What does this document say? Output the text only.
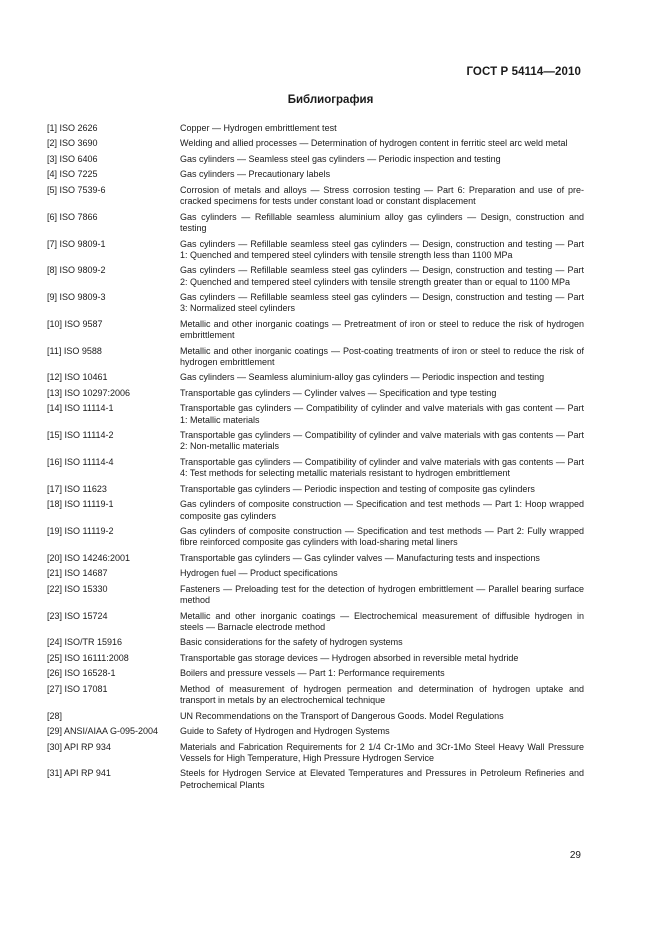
ГОСТ Р 54114—2010
Библиография
[1] ISO 2626	Copper — Hydrogen embrittlement test
[2] ISO 3690	Welding and allied processes — Determination of hydrogen content in ferritic steel arc weld metal
[3] ISO 6406	Gas cylinders — Seamless steel gas cylinders — Periodic inspection and testing
[4] ISO 7225	Gas cylinders — Precautionary labels
[5] ISO 7539-6	Corrosion of metals and alloys — Stress corrosion testing — Part 6: Preparation and use of pre-cracked specimens for tests under constant load or constant displacement
[6] ISO 7866	Gas cylinders — Refillable seamless aluminium alloy gas cylinders — Design, construction and testing
[7] ISO 9809-1	Gas cylinders — Refillable seamless steel gas cylinders — Design, construction and testing — Part 1: Quenched and tempered steel cylinders with tensile strength less than 1100 MPa
[8] ISO 9809-2	Gas cylinders — Refillable seamless steel gas cylinders — Design, construction and testing — Part 2: Quenched and tempered steel cylinders with tensile strength greater than or equal to 1100 MPa
[9] ISO 9809-3	Gas cylinders — Refillable seamless steel gas cylinders — Design, construction and testing — Part 3: Normalized steel cylinders
[10] ISO 9587	Metallic and other inorganic coatings — Pretreatment of iron or steel to reduce the risk of hydrogen embrittlement
[11] ISO 9588	Metallic and other inorganic coatings — Post-coating treatments of iron or steel to reduce the risk of hydrogen embrittlement
[12] ISO 10461	Gas cylinders — Seamless aluminium-alloy gas cylinders — Periodic inspection and testing
[13] ISO 10297:2006	Transportable gas cylinders — Cylinder valves — Specification and type testing
[14] ISO 11114-1	Transportable gas cylinders — Compatibility of cylinder and valve materials with gas content — Part 1: Metallic materials
[15] ISO 11114-2	Transportable gas cylinders — Compatibility of cylinder and valve materials with gas contents — Part 2: Non-metallic materials
[16] ISO 11114-4	Transportable gas cylinders — Compatibility of cylinder and valve materials with gas contents — Part 4: Test methods for selecting metallic materials resistant to hydrogen embrittlement
[17] ISO 11623	Transportable gas cylinders — Periodic inspection and testing of composite gas cylinders
[18] ISO 11119-1	Gas cylinders of composite construction — Specification and test methods — Part 1: Hoop wrapped composite gas cylinders
[19] ISO 11119-2	Gas cylinders of composite construction — Specification and test methods — Part 2: Fully wrapped fibre reinforced composite gas cylinders with load-sharing metal liners
[20] ISO 14246:2001	Transportable gas cylinders — Gas cylinder valves — Manufacturing tests and inspections
[21] ISO 14687	Hydrogen fuel — Product specifications
[22] ISO 15330	Fasteners — Preloading test for the detection of hydrogen embrittlement — Parallel bearing surface method
[23] ISO 15724	Metallic and other inorganic coatings — Electrochemical measurement of diffusible hydrogen in steels — Barnacle electrode method
[24] ISO/TR 15916	Basic considerations for the safety of hydrogen systems
[25] ISO 16111:2008	Transportable gas storage devices — Hydrogen absorbed in reversible metal hydride
[26] ISO 16528-1	Boilers and pressure vessels — Part 1: Performance requirements
[27] ISO 17081	Method of measurement of hydrogen permeation and determination of hydrogen uptake and transport in metals by an electrochemical technique
[28]	UN Recommendations on the Transport of Dangerous Goods. Model Regulations
[29] ANSI/AIAA G-095-2004	Guide to Safety of Hydrogen and Hydrogen Systems
[30] API RP 934	Materials and Fabrication Requirements for 2 1/4 Cr-1Mo and 3Cr-1Mo Steel Heavy Wall Pressure Vessels for High Temperature, High Pressure Hydrogen Service
[31] API RP 941	Steels for Hydrogen Service at Elevated Temperatures and Pressures in Petroleum Refineries and Petrochemical Plants
29
